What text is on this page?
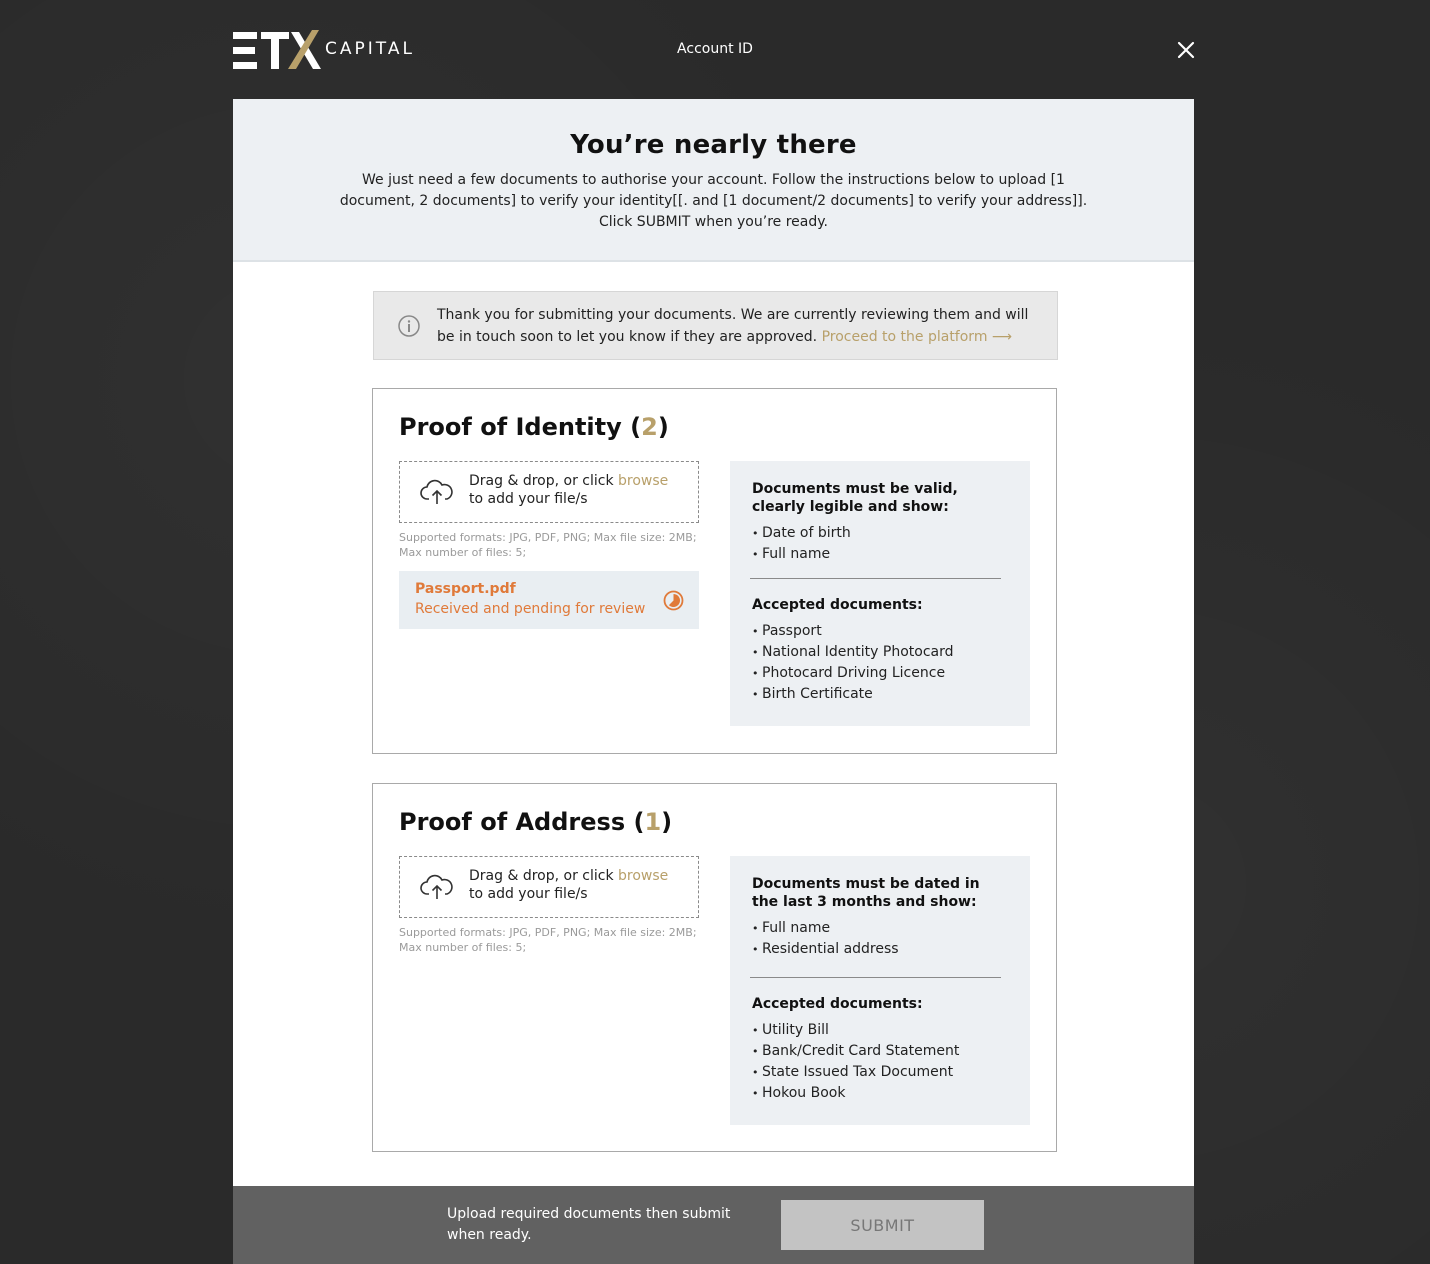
CAPITAL	Account ID
You’re nearly there

We just need a few documents to authorise your account. Follow the instructions below to upload [1 document, 2 documents] to verify your identity[[. and [1 document/2 documents] to verify your address]]. Click SUBMIT when you’re ready.

Thank you for submitting your documents. We are currently reviewing them and will be in touch soon to let you know if they are approved. Proceed to the platform ⟶
Proof of Identity (2)
Drag & drop, or click browse
to add your file/s
Supported formats: JPG, PDF, PNG; Max file size: 2MB;
Max number of files: 5;
Passport.pdf
Received and pending for review
Documents must be valid, clearly legible and show:
• Date of birth
• Full name
Accepted documents:
• Passport
• National Identity Photocard
• Photocard Driving Licence
• Birth Certificate
Proof of Address (1)
Drag & drop, or click browse
to add your file/s
Supported formats: JPG, PDF, PNG; Max file size: 2MB;
Max number of files: 5;
Documents must be dated in the last 3 months and show:
• Full name
• Residential address
Accepted documents:
• Utility Bill
• Bank/Credit Card Statement
• State Issued Tax Document
• Hokou Book
Upload required documents then submit when ready.
SUBMIT
